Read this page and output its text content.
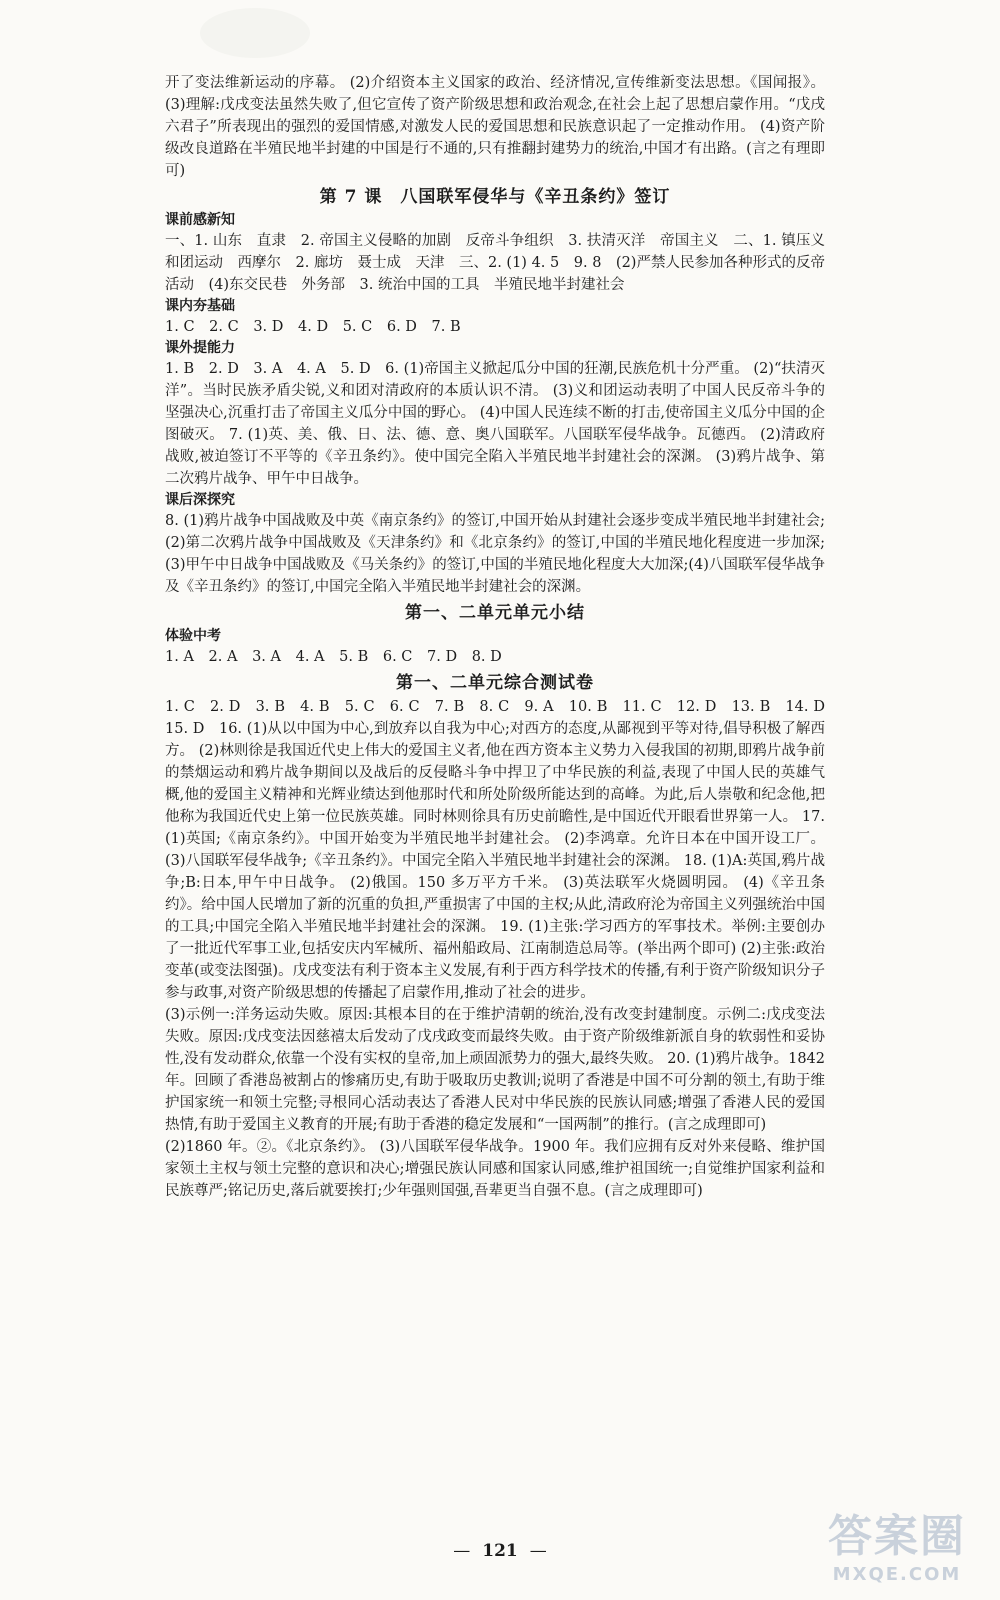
开了变法维新运动的序幕。 (2)介绍资本主义国家的政治、经济情况,宣传维新变法思想。《国闻报》。 (3)理解:戊戌变法虽然失败了,但它宣传了资产阶级思想和政治观念,在社会上起了思想启蒙作用。“戊戌六君子”所表现出的强烈的爱国情感,对激发人民的爱国思想和民族意识起了一定推动作用。 (4)资产阶级改良道路在半殖民地半封建的中国是行不通的,只有推翻封建势力的统治,中国才有出路。(言之有理即可)

第 7 课　八国联军侵华与《辛丑条约》签订
课前感新知

一、1. 山东　直隶　2. 帝国主义侵略的加剧　反帝斗争组织　3. 扶清灭洋　帝国主义　二、1. 镇压义和团运动　西摩尔　2. 廊坊　聂士成　天津　三、2. (1) 4. 5　9. 8　(2)严禁人民参加各种形式的反帝活动　(4)东交民巷　外务部　3. 统治中国的工具　半殖民地半封建社会

课内夯基础

1. C 2. C 3. D 4. D 5. C 6. D 7. B

课外提能力

1. B　2. D　3. A　4. A　5. D　6. (1)帝国主义掀起瓜分中国的狂潮,民族危机十分严重。 (2)“扶清灭洋”。当时民族矛盾尖锐,义和团对清政府的本质认识不清。 (3)义和团运动表明了中国人民反帝斗争的坚强决心,沉重打击了帝国主义瓜分中国的野心。 (4)中国人民连续不断的打击,使帝国主义瓜分中国的企图破灭。 7. (1)英、美、俄、日、法、德、意、奥八国联军。八国联军侵华战争。瓦德西。 (2)清政府战败,被迫签订不平等的《辛丑条约》。使中国完全陷入半殖民地半封建社会的深渊。 (3)鸦片战争、第二次鸦片战争、甲午中日战争。

课后深探究

8. (1)鸦片战争中国战败及中英《南京条约》的签订,中国开始从封建社会逐步变成半殖民地半封建社会;(2)第二次鸦片战争中国战败及《天津条约》和《北京条约》的签订,中国的半殖民地化程度进一步加深;(3)甲午中日战争中国战败及《马关条约》的签订,中国的半殖民地化程度大大加深;(4)八国联军侵华战争及《辛丑条约》的签订,中国完全陷入半殖民地半封建社会的深渊。

第一、二单元单元小结
体验中考

1. A 2. A 3. A 4. A 5. B 6. C 7. D 8. D

第一、二单元综合测试卷

1. C　2. D　3. B　4. B　5. C　6. C　7. B　8. C　9. A　10. B　11. C　12. D　13. B　14. D　15. D　16. (1)从以中国为中心,到放弃以自我为中心;对西方的态度,从鄙视到平等对待,倡导积极了解西方。 (2)林则徐是我国近代史上伟大的爱国主义者,他在西方资本主义势力入侵我国的初期,即鸦片战争前的禁烟运动和鸦片战争期间以及战后的反侵略斗争中捍卫了中华民族的利益,表现了中国人民的英雄气概,他的爱国主义精神和光辉业绩达到他那时代和所处阶级所能达到的高峰。为此,后人崇敬和纪念他,把他称为我国近代史上第一位民族英雄。同时林则徐具有历史前瞻性,是中国近代开眼看世界第一人。 17. (1)英国;《南京条约》。中国开始变为半殖民地半封建社会。 (2)李鸿章。允许日本在中国开设工厂。 (3)八国联军侵华战争;《辛丑条约》。中国完全陷入半殖民地半封建社会的深渊。 18. (1)A:英国,鸦片战争;B:日本,甲午中日战争。 (2)俄国。150 多万平方千米。 (3)英法联军火烧圆明园。 (4)《辛丑条约》。给中国人民增加了新的沉重的负担,严重损害了中国的主权;从此,清政府沦为帝国主义列强统治中国的工具;中国完全陷入半殖民地半封建社会的深渊。 19. (1)主张:学习西方的军事技术。举例:主要创办了一批近代军事工业,包括安庆内军械所、福州船政局、江南制造总局等。(举出两个即可) (2)主张:政治变革(或变法图强)。戊戌变法有利于资本主义发展,有利于西方科学技术的传播,有利于资产阶级知识分子参与政事,对资产阶级思想的传播起了启蒙作用,推动了社会的进步。

(3)示例一:洋务运动失败。原因:其根本目的在于维护清朝的统治,没有改变封建制度。示例二:戊戌变法失败。原因:戊戌变法因慈禧太后发动了戊戌政变而最终失败。由于资产阶级维新派自身的软弱性和妥协性,没有发动群众,依靠一个没有实权的皇帝,加上顽固派势力的强大,最终失败。 20. (1)鸦片战争。1842 年。回顾了香港岛被割占的惨痛历史,有助于吸取历史教训;说明了香港是中国不可分割的领土,有助于维护国家统一和领土完整;寻根同心活动表达了香港人民对中华民族的民族认同感;增强了香港人民的爱国热情,有助于爱国主义教育的开展;有助于香港的稳定发展和“一国两制”的推行。(言之成理即可)

(2)1860 年。②。《北京条约》。 (3)八国联军侵华战争。1900 年。我们应拥有反对外来侵略、维护国家领土主权与领土完整的意识和决心;增强民族认同感和国家认同感,维护祖国统一;自觉维护国家利益和民族尊严;铭记历史,落后就要挨打;少年强则国强,吾辈更当自强不息。(言之成理即可)

— 121 —	答案圈
MXQE.COM
